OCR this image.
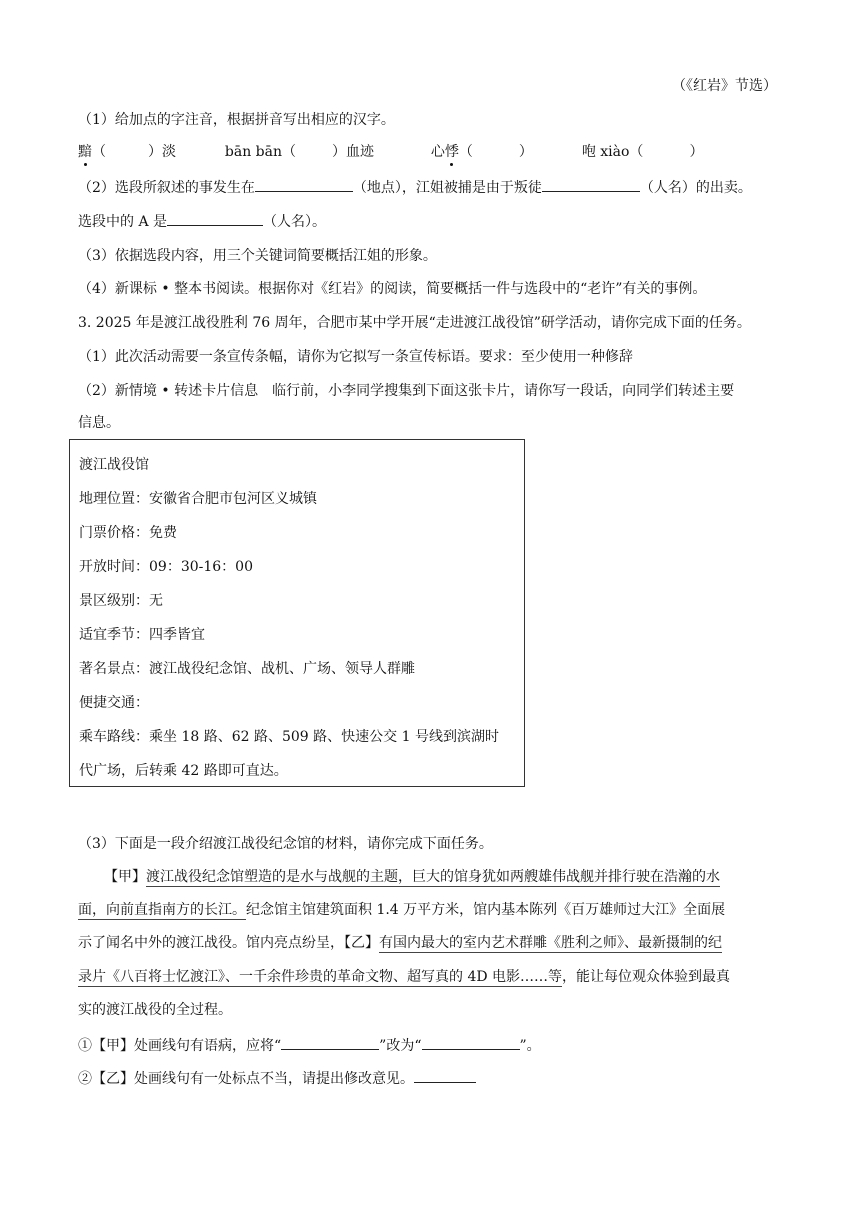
（《红岩》节选）
（1）给加点的字注音，根据拼音写出相应的汉字。
黯（	）淡	bān bān（	）血迹	心悸（	）	咆 xiào（	）
（2）选段所叙述的事发生在	（地点），江姐被捕是由于叛徒	（人名）的出卖。
选段中的 A 是	（人名）。
（3）依据选段内容，用三个关键词简要概括江姐的形象。
（4）新课标 • 整本书阅读。根据你对《红岩》的阅读，简要概括一件与选段中的“老许”有关的事例。
3. 2025 年是渡江战役胜利 76 周年，合肥市某中学开展“走进渡江战役馆”研学活动，请你完成下面的任务。
（1）此次活动需要一条宣传条幅，请你为它拟写一条宣传标语。要求：至少使用一种修辞
（2）新情境 • 转述卡片信息　临行前，小李同学搜集到下面这张卡片，请你写一段话，向同学们转述主要
信息。
渡江战役馆
地理位置：安徽省合肥市包河区义城镇
门票价格：免费
开放时间：09：30-16：00
景区级别：无
适宜季节：四季皆宜
著名景点：渡江战役纪念馆、战机、广场、领导人群雕
便捷交通：
乘车路线：乘坐 18 路、62 路、509 路、快速公交 1 号线到滨湖时
代广场，后转乘 42 路即可直达。
（3）下面是一段介绍渡江战役纪念馆的材料，请你完成下面任务。
【甲】渡江战役纪念馆塑造的是水与战舰的主题，巨大的馆身犹如两艘雄伟战舰并排行驶在浩瀚的水
面，向前直指南方的长江。纪念馆主馆建筑面积 1.4 万平方米，馆内基本陈列《百万雄师过大江》全面展
示了闻名中外的渡江战役。馆内亮点纷呈，【乙】有国内最大的室内艺术群雕《胜利之师》、最新摄制的纪
录片《八百将士忆渡江》、一千余件珍贵的革命文物、超写真的 4D 电影……等，能让每位观众体验到最真
实的渡江战役的全过程。
①【甲】处画线句有语病，应将“	”改为“	”。
②【乙】处画线句有一处标点不当，请提出修改意见。
